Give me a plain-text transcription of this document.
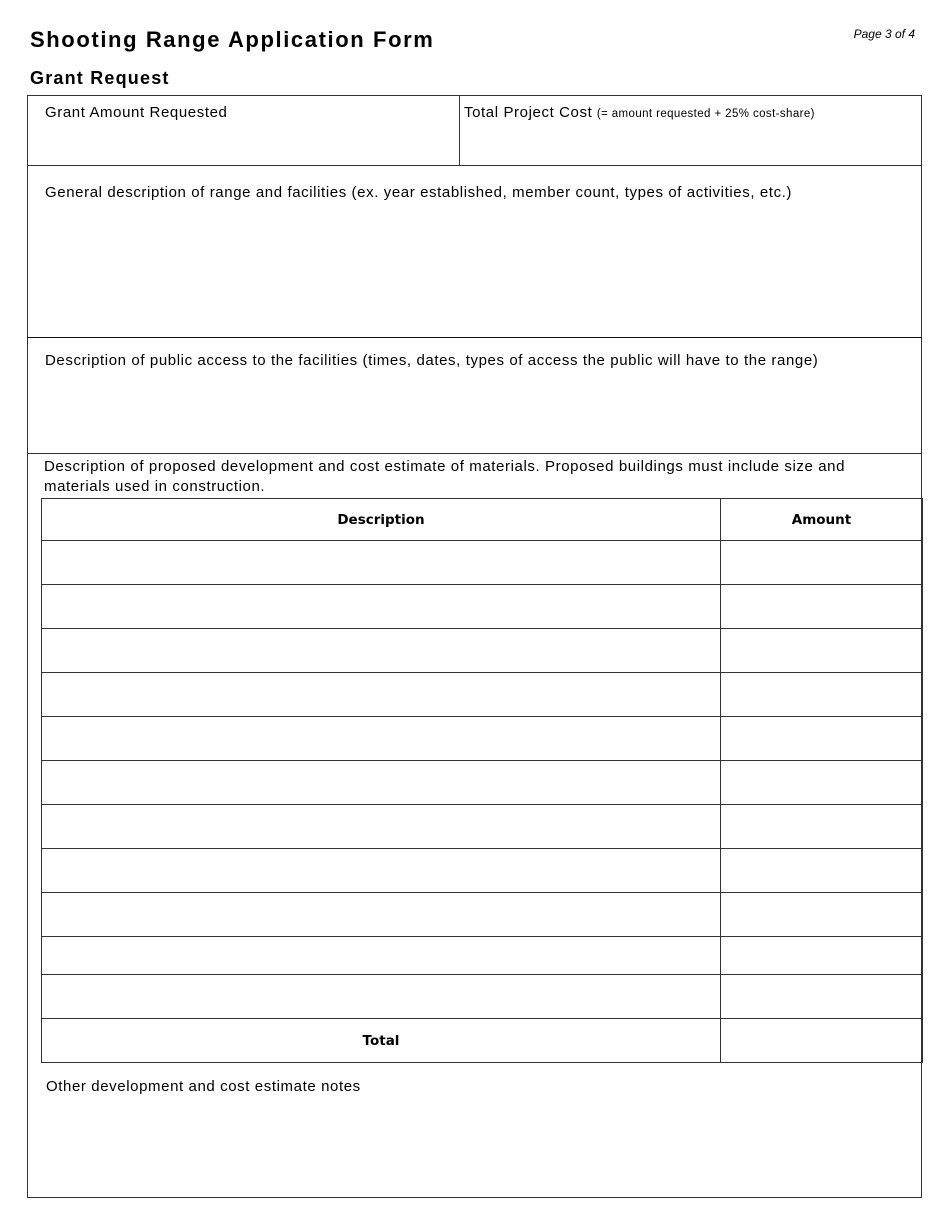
Shooting Range Application Form	Page 3 of 4
Grant Request
Grant Amount Requested	Total Project Cost (= amount requested + 25% cost-share)
General description of range and facilities (ex. year established, member count, types of activities, etc.)
Description of public access to the facilities (times, dates, types of access the public will have to the range)
Description of proposed development and cost estimate of materials. Proposed buildings must include size and materials used in construction.
Description	Amount

Total	
Other development and cost estimate notes
